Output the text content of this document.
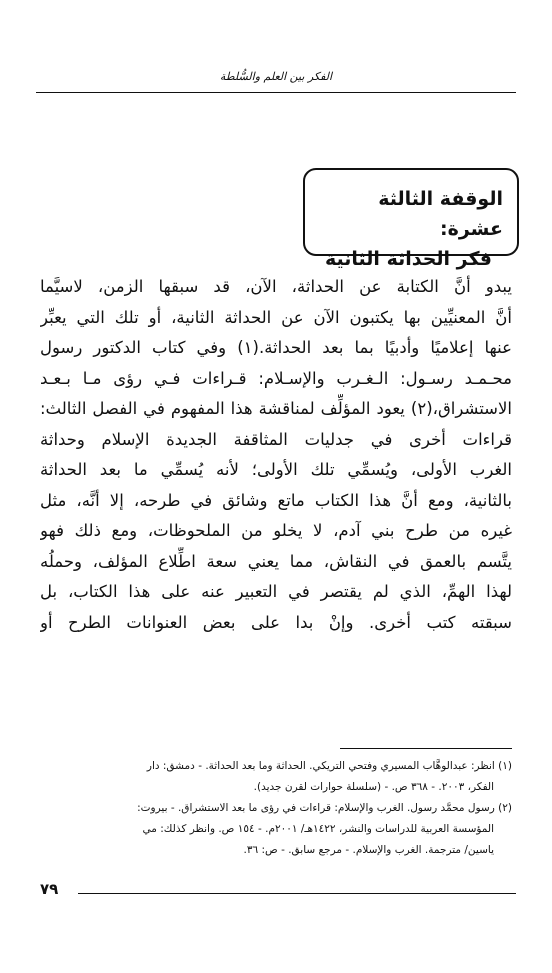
الفكر بين العلم والسُّلطة
الوقفة الثالثة عشرة:
فكر الحداثة الثانية
يبدو أنَّ الكتابة عن الحداثة، الآن، قد سبقها الزمن، لاسيَّما
أنَّ المعنيِّين بها يكتبون الآن عن الحداثة الثانية، أو تلك التي يعبِّر
عنها إعلاميًا وأدبيًا بما بعد الحداثة.(١) وفي كتاب الدكتور رسول
محـمـد رسـول: الـغـرب والإسـلام: قـراءات فـي رؤى مـا بـعـد
الاستشراق،(٢) يعود المؤلِّف لمناقشة هذا المفهوم في الفصل الثالث:
قراءات أخرى في جدليات المثاقفة الجديدة الإسلام وحداثة
الغرب الأولى، ويُسمِّي تلك الأولى؛ لأنه يُسمِّي ما بعد الحداثة
بالثانية، ومع أنَّ هذا الكتاب ماتع وشائق في طرحه، إلا أنَّه، مثل
غيره من طرح بني آدم، لا يخلو من الملحوظات، ومع ذلك فهو
يتَّسم بالعمق في النقاش، مما يعني سعة اطِّلاع المؤلف، وحملُه
لهذا الهمِّ، الذي لم يقتصر في التعبير عنه على هذا الكتاب، بل
سبقته كتب أخرى. وإنْ بدا على بعض العنوانات الطرح أو
(١) انظر: عبدالوهَّاب المسيري وفتحي التريكي. الحداثة وما بعد الحداثة. - دمشق: دار
الفكر، ٢٠٠٣. - ٣٦٨ ص. - (سلسلة حوارات لقرن جديد).
(٢) رسول محمَّد رسول. الغرب والإسلام: قراءات في رؤى ما بعد الاستشراق. - بيروت:
المؤسسة العربية للدراسات والنشر، ١٤٢٢هـ/ ٢٠٠١م. - ١٥٤ ص. وانظر كذلك: مي
ياسين/ مترجمة. الغرب والإسلام. - مرجع سابق. - ص: ٣٦.
٧٩
